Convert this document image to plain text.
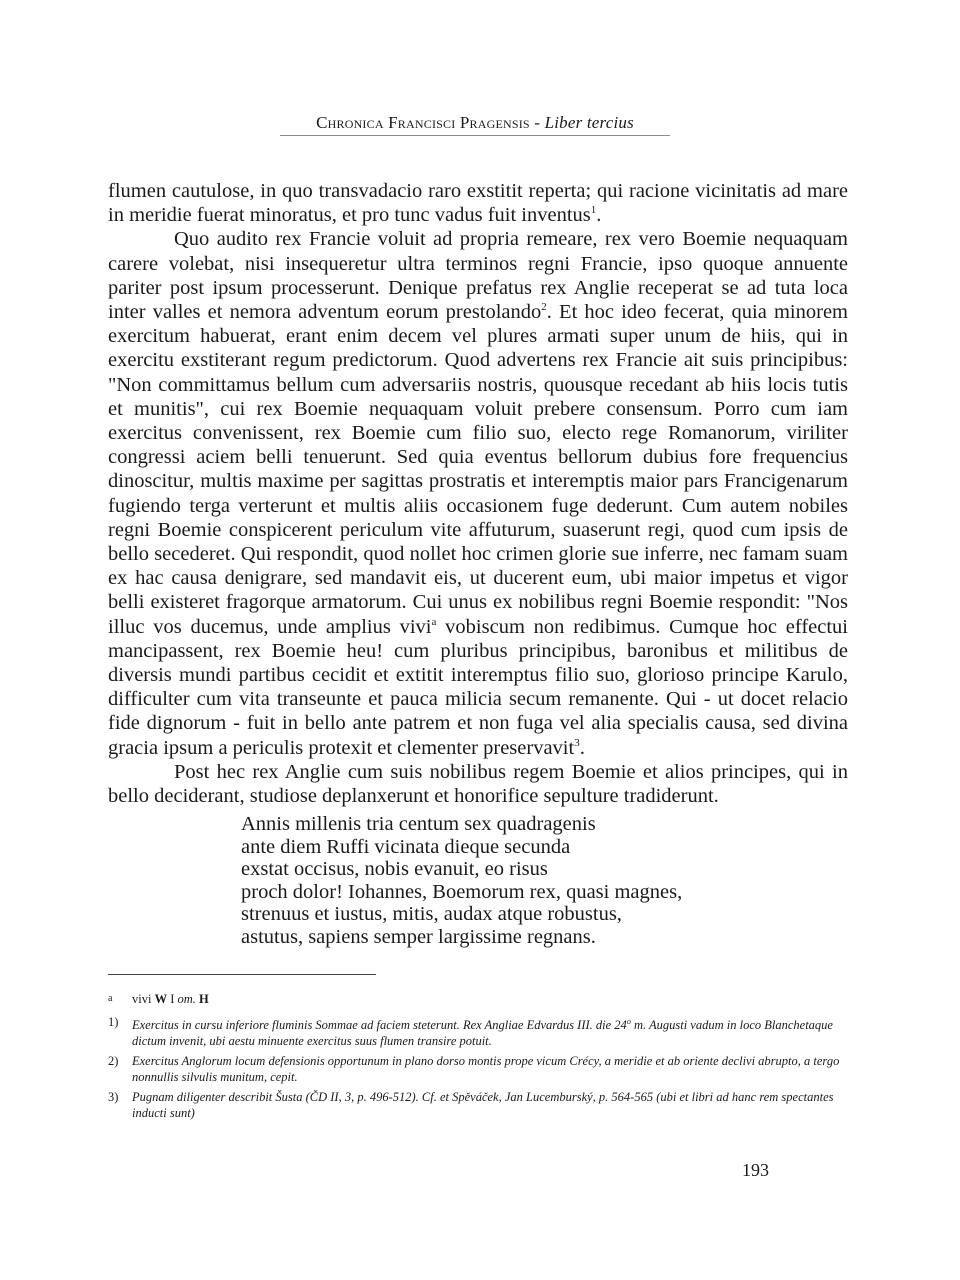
Chronica Francisci Pragensis - Liber tercius

flumen cautulose, in quo transvadacio raro exstitit reperta; qui racione vicinitatis ad mare in meridie fuerat minoratus, et pro tunc vadus fuit inventus$^1$.

Quo audito rex Francie voluit ad propria remeare, rex vero Boemie nequaquam carere volebat, nisi insequeretur ultra terminos regni Francie, ipso quoque annuente pariter post ipsum processerunt. Denique prefatus rex Anglie receperat se ad tuta loca inter valles et nemora adventum eorum prestolando$^2$. Et hoc ideo fecerat, quia minorem exercitum habuerat, erant enim decem vel plures armati super unum de hiis, qui in exercitu exstiterant regum predictorum. Quod advertens rex Francie ait suis principibus: "Non committamus bellum cum adversariis nostris, quousque recedant ab hiis locis tutis et munitis", cui rex Boemie nequaquam voluit prebere consensum. Porro cum iam exercitus convenissent, rex Boemie cum filio suo, electo rege Romanorum, viriliter congressi aciem belli tenuerunt. Sed quia eventus bellorum dubius fore frequencius dinoscitur, multis maxime per sagittas prostratis et interemptis maior pars Francigenarum fugiendo terga verterunt et multis aliis occasionem fuge dederunt. Cum autem nobiles regni Boemie conspicerent periculum vite affuturum, suaserunt regi, quod cum ipsis de bello secederet. Qui respondit, quod nollet hoc crimen glorie sue inferre, nec famam suam ex hac causa denigrare, sed mandavit eis, ut ducerent eum, ubi maior impetus et vigor belli existeret fragorque armatorum. Cui unus ex nobilibus regni Boemie respondit: "Nos illuc vos ducemus, unde amplius vivi$^a$ vobiscum non redibimus. Cumque hoc effectui mancipassent, rex Boemie heu! cum pluribus principibus, baronibus et militibus de diversis mundi partibus cecidit et extitit interemptus filio suo, glorioso principe Karulo, difficulter cum vita transeunte et pauca milicia secum remanente. Qui - ut docet relacio fide dignorum - fuit in bello ante patrem et non fuga vel alia specialis causa, sed divina gracia ipsum a periculis protexit et clementer preservavit$^3$.

Post hec rex Anglie cum suis nobilibus regem Boemie et alios principes, qui in bello deciderant, studiose deplanxerunt et honorifice sepulture tradiderunt.

Annis millenis tria centum sex quadragenis
ante diem Ruffi vicinata dieque secunda
exstat occisus, nobis evanuit, eo risus
proch dolor! Iohannes, Boemorum rex, quasi magnes,
strenuus et iustus, mitis, audax atque robustus,
astutus, sapiens semper largissime regnans.
$^a$	vivi W I om. H
1)	Exercitus in cursu inferiore fluminis Sommae ad faciem steterunt. Rex Angliae Edvardus III. die 24$^o$ m. Augusti vadum in loco Blanchetaque dictum invenit, ubi aestu minuente exercitus suus flumen transire potuit.
2)	Exercitus Anglorum locum defensionis opportunum in plano dorso montis prope vicum Crécy, a meridie et ab oriente declivi abrupto, a tergo nonnullis silvulis munitum, cepit.
3)	Pugnam diligenter describit Šusta (ČD II, 3, p. 496-512). Cf. et Spěváček, Jan Lucemburský, p. 564-565 (ubi et libri ad hanc rem spectantes inducti sunt)
193
